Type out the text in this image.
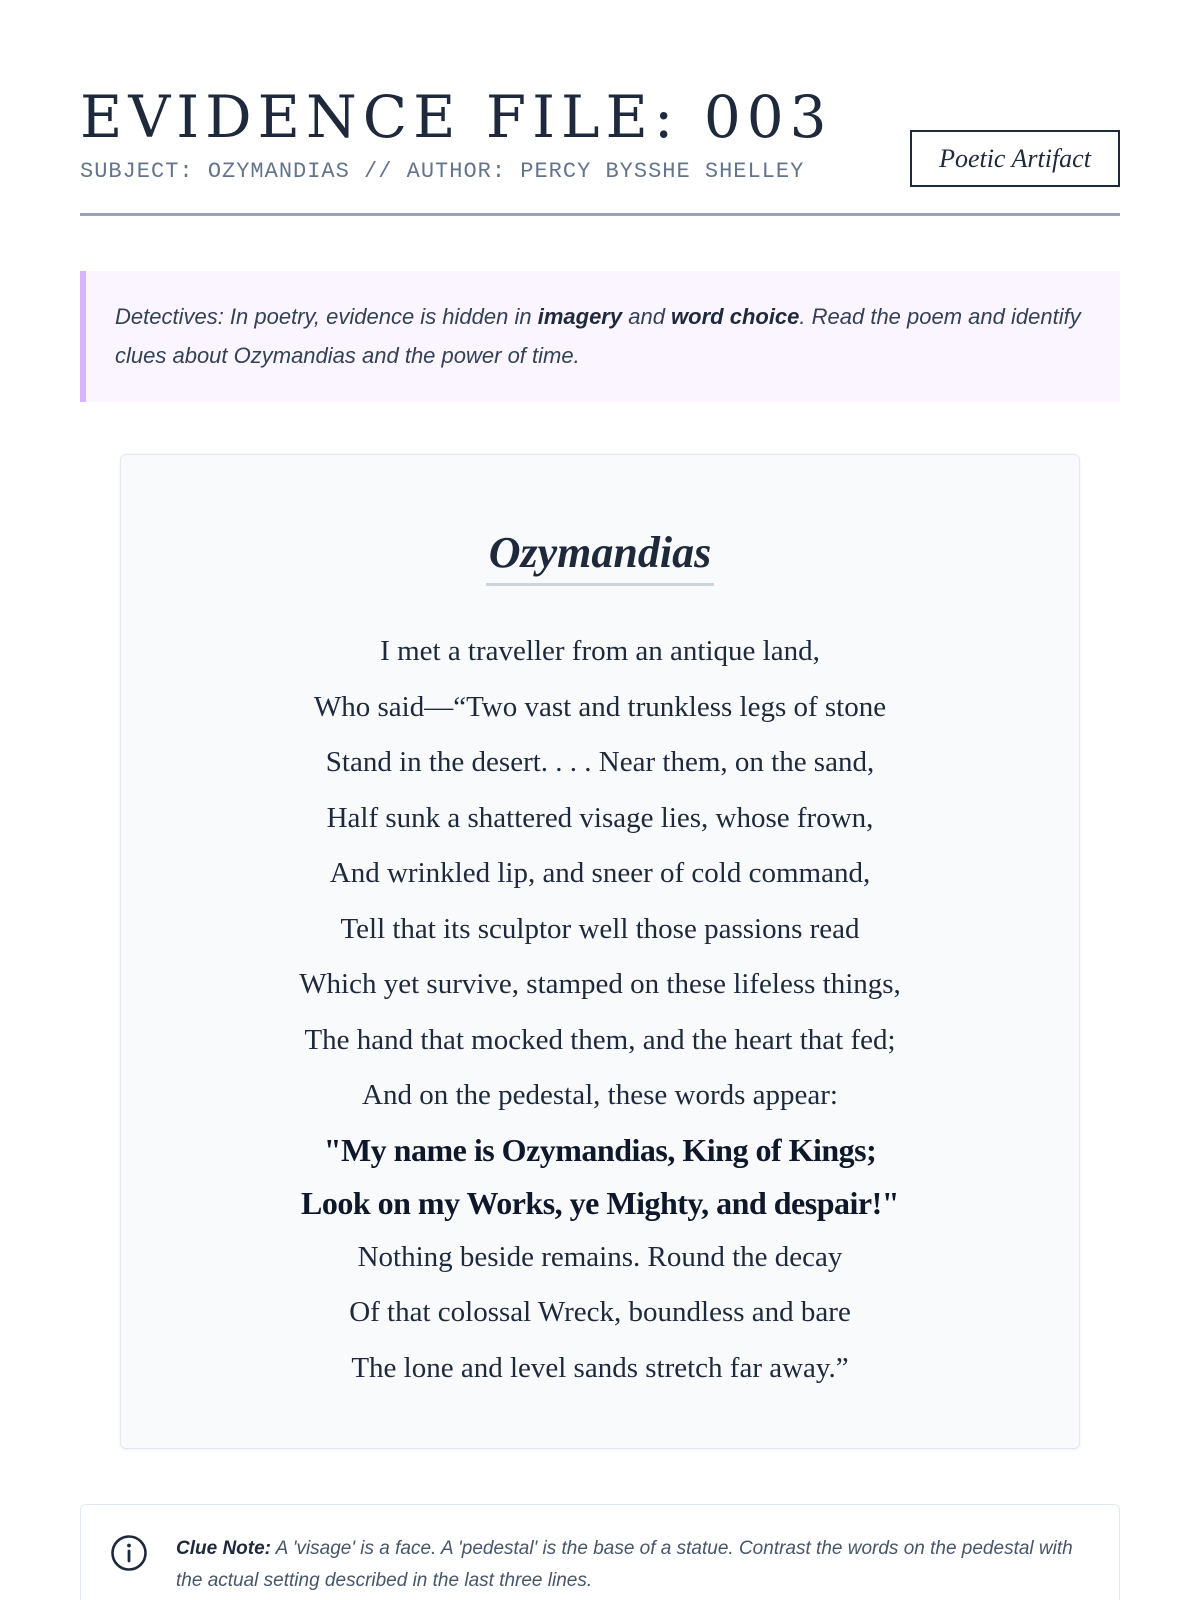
EVIDENCE FILE: 003
SUBJECT: OZYMANDIAS // AUTHOR: PERCY BYSSHE SHELLEY	Poetic Artifact
Detectives: In poetry, evidence is hidden in imagery and word choice. Read the poem and identify clues about Ozymandias and the power of time.
Ozymandias
I met a traveller from an antique land,
Who said—“Two vast and trunkless legs of stone
Stand in the desert. . . . Near them, on the sand,
Half sunk a shattered visage lies, whose frown,
And wrinkled lip, and sneer of cold command,
Tell that its sculptor well those passions read
Which yet survive, stamped on these lifeless things,
The hand that mocked them, and the heart that fed;
And on the pedestal, these words appear:
"My name is Ozymandias, King of Kings;
Look on my Works, ye Mighty, and despair!"
Nothing beside remains. Round the decay
Of that colossal Wreck, boundless and bare
The lone and level sands stretch far away.”

Clue Note: A 'visage' is a face. A 'pedestal' is the base of a statue. Contrast the words on the pedestal with the actual setting described in the last three lines.
